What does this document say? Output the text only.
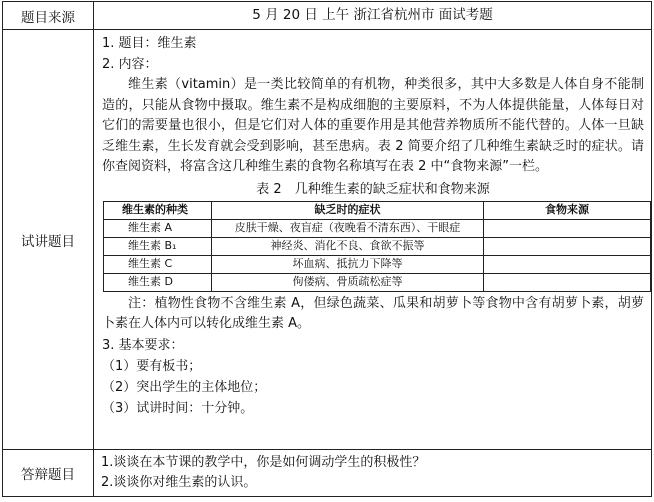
题目来源	5 月 20 日 上午 浙江省杭州市 面试考题
试讲题目	

1. 题目：维生素

2. 内容：

维生素（vitamin）是一类比较简单的有机物，种类很多，其中大多数是人体自身不能制造的，只能从食物中摄取。维生素不是构成细胞的主要原料，不为人体提供能量，人体每日对它们的需要量也很小，但是它们对人体的重要作用是其他营养物质所不能代替的。人体一旦缺乏维生素，生长发育就会受到影响，甚至患病。表 2 简要介绍了几种维生素缺乏时的症状。请你查阅资料，将富含这几种维生素的食物名称填写在表 2 中“食物来源”一栏。

表 2　几种维生素的缺乏症状和食物来源
维生素的种类	缺乏时的症状	食物来源
维生素 A	皮肤干燥、夜盲症（夜晚看不清东西）、干眼症	
维生素 B₁	神经炎、消化不良、食欲不振等	
维生素 C	坏血病、抵抗力下降等	
维生素 D	佝偻病、骨质疏松症等	

注：植物性食物不含维生素 A，但绿色蔬菜、瓜果和胡萝卜等食物中含有胡萝卜素，胡萝卜素在人体内可以转化成维生素 A。

3. 基本要求：

（1）要有板书；

（2）突出学生的主体地位；

（3）试讲时间：十分钟。

答辩题目	
1.谈谈在本节课的教学中，你是如何调动学生的积极性？
2.谈谈你对维生素的认识。
